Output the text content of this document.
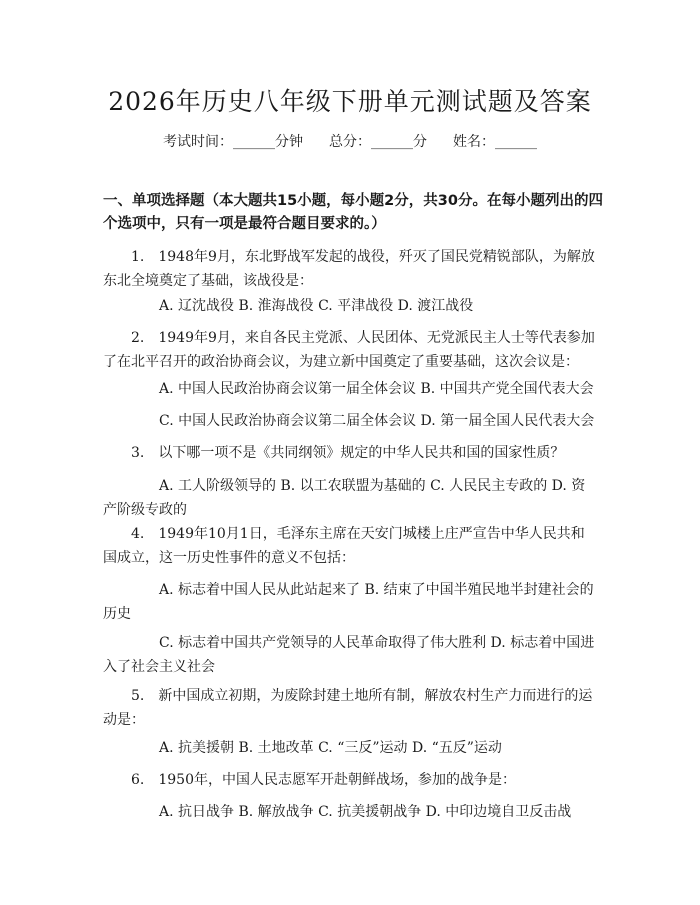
2026年历史八年级下册单元测试题及答案
考试时间：______分钟 总分：______分 姓名：______
一、单项选择题（本大题共15小题，每小题2分，共30分。在每小题列出的四个选项中，只有一项是最符合题目要求的。）

1.　1948年9月，东北野战军发起的战役，歼灭了国民党精锐部队，为解放东北全境奠定了基础，该战役是：

A. 辽沈战役 B. 淮海战役 C. 平津战役 D. 渡江战役

2.　1949年9月，来自各民主党派、人民团体、无党派民主人士等代表参加了在北平召开的政治协商会议，为建立新中国奠定了重要基础，这次会议是：

A. 中国人民政治协商会议第一届全体会议 B. 中国共产党全国代表大会

C. 中国人民政治协商会议第二届全体会议 D. 第一届全国人民代表大会

3.　以下哪一项不是《共同纲领》规定的中华人民共和国的国家性质？

A. 工人阶级领导的 B. 以工农联盟为基础的 C. 人民民主专政的 D. 资产阶级专政的

4.　1949年10月1日，毛泽东主席在天安门城楼上庄严宣告中华人民共和国成立，这一历史性事件的意义不包括：

A. 标志着中国人民从此站起来了 B. 结束了中国半殖民地半封建社会的历史

C. 标志着中国共产党领导的人民革命取得了伟大胜利 D. 标志着中国进入了社会主义社会

5.　新中国成立初期，为废除封建土地所有制，解放农村生产力而进行的运动是：

A. 抗美援朝 B. 土地改革 C. “三反”运动 D. “五反”运动

6.　1950年，中国人民志愿军开赴朝鲜战场，参加的战争是：

A. 抗日战争 B. 解放战争 C. 抗美援朝战争 D. 中印边境自卫反击战
